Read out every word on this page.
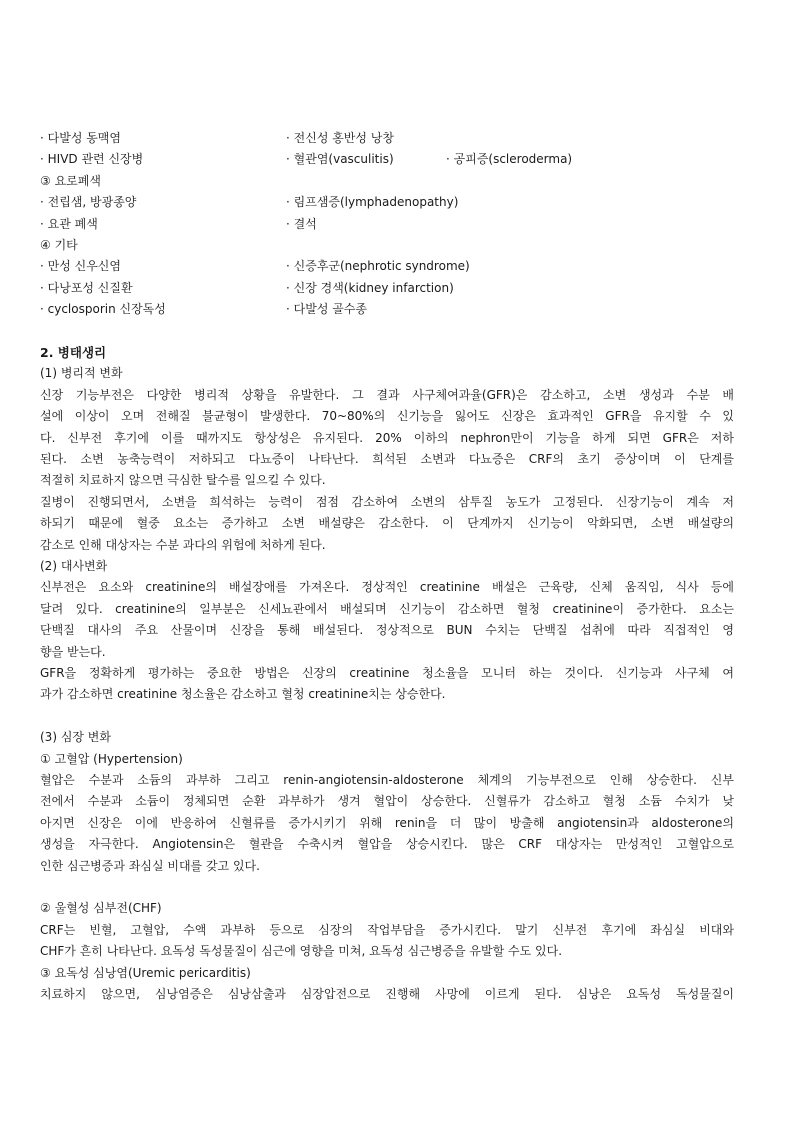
· 다발성 동맥염	· 전신성 홍반성 낭창
· HIVD 관련 신장병	· 혈관염(vasculitis)	· 공피증(scleroderma)
③ 요로폐색
· 전립샘, 방광종양	· 림프샘증(lymphadenopathy)
· 요관 폐색	· 결석
④ 기타
· 만성 신우신염	· 신증후군(nephrotic syndrome)
· 다낭포성 신질환	· 신장 경색(kidney infarction)
· cyclosporin 신장독성	· 다발성 골수종
2. 병태생리
(1) 병리적 변화
신장 기능부전은 다양한 병리적 상황을 유발한다. 그 결과 사구체여과율(GFR)은 감소하고, 소변 생성과 수분 배
설에 이상이 오며 전해질 불균형이 발생한다. 70~80%의 신기능을 잃어도 신장은 효과적인 GFR을 유지할 수 있
다. 신부전 후기에 이를 때까지도 항상성은 유지된다. 20% 이하의 nephron만이 기능을 하게 되면 GFR은 저하
된다. 소변 농축능력이 저하되고 다뇨증이 나타난다. 희석된 소변과 다뇨증은 CRF의 초기 증상이며 이 단계를
적절히 치료하지 않으면 극심한 탈수를 일으킬 수 있다.
질병이 진행되면서, 소변을 희석하는 능력이 점점 감소하여 소변의 삼투질 농도가 고정된다. 신장기능이 계속 저
하되기 때문에 혈중 요소는 증가하고 소변 배설량은 감소한다. 이 단계까지 신기능이 악화되면, 소변 배설량의
감소로 인해 대상자는 수분 과다의 위험에 처하게 된다.
(2) 대사변화
신부전은 요소와 creatinine의 배설장애를 가져온다. 정상적인 creatinine 배설은 근육량, 신체 움직임, 식사 등에
달려 있다. creatinine의 일부분은 신세뇨관에서 배설되며 신기능이 감소하면 혈청 creatinine이 증가한다. 요소는
단백질 대사의 주요 산물이며 신장을 통해 배설된다. 정상적으로 BUN 수치는 단백질 섭취에 따라 직접적인 영
향을 받는다.
GFR을 정확하게 평가하는 중요한 방법은 신장의 creatinine 청소율을 모니터 하는 것이다. 신기능과 사구체 여
과가 감소하면 creatinine 청소율은 감소하고 혈청 creatinine치는 상승한다.
(3) 심장 변화
① 고혈압 (Hypertension)
혈압은 수분과 소듐의 과부하 그리고 renin-angiotensin-aldosterone 체계의 기능부전으로 인해 상승한다. 신부
전에서 수분과 소듐이 정체되면 순환 과부하가 생겨 혈압이 상승한다. 신혈류가 감소하고 혈청 소듐 수치가 낮
아지면 신장은 이에 반응하여 신혈류를 증가시키기 위해 renin을 더 많이 방출해 angiotensin과 aldosterone의
생성을 자극한다. Angiotensin은 혈관을 수축시켜 혈압을 상승시킨다. 많은 CRF 대상자는 만성적인 고혈압으로
인한 심근병증과 좌심실 비대를 갖고 있다.
② 울혈성 심부전(CHF)
CRF는 빈혈, 고혈압, 수액 과부하 등으로 심장의 작업부담을 증가시킨다. 말기 신부전 후기에 좌심실 비대와
CHF가 흔히 나타난다. 요독성 독성물질이 심근에 영향을 미쳐, 요독성 심근병증을 유발할 수도 있다.
③ 요독성 심낭염(Uremic pericarditis)
치료하지 않으면, 심낭염증은 심낭삼출과 심장압전으로 진행해 사망에 이르게 된다. 심낭은 요독성 독성물질이
